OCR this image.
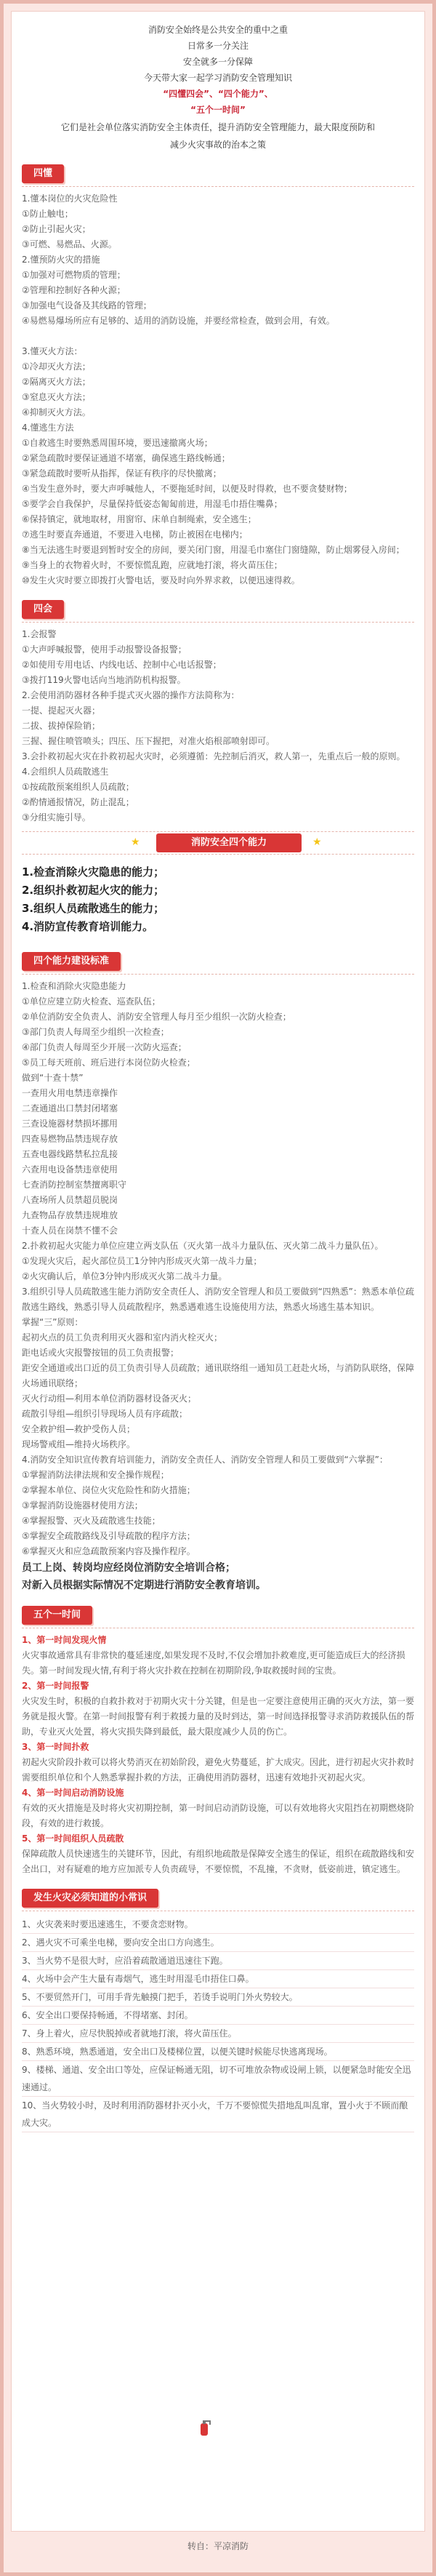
消防安全始终是公共安全的重中之重

日常多一分关注

安全就多一分保障

今天带大家一起学习消防安全管理知识

“四懂四会”、“四个能力”、

“五个一时间”

它们是社会单位落实消防安全主体责任，提升消防安全管理能力，最大限度预防和

减少火灾事故的治本之策

四懂
1.懂本岗位的火灾危险性
①防止触电；
②防止引起火灾；
③可燃、易燃品、火源。
2.懂预防火灾的措施
①加强对可燃物质的管理；
②管理和控制好各种火源；
③加强电气设备及其线路的管理；
④易燃易爆场所应有足够的、适用的消防设施，并要经常检查，做到会用，有效。
3.懂灭火方法：
①冷却灭火方法；
②隔离灭火方法；
③窒息灭火方法；
④抑制灭火方法。
4.懂逃生方法
①自救逃生时要熟悉周围环境，要迅速撤离火场；
②紧急疏散时要保证通道不堵塞，确保逃生路线畅通；
③紧急疏散时要听从指挥，保证有秩序的尽快撤离；
④当发生意外时，要大声呼喊他人，不要拖延时间，以便及时得救，也不要贪婪财物；
⑤要学会自我保护，尽量保持低姿态匍匐前进，用湿毛巾捂住嘴鼻；
⑥保持镇定，就地取材，用窗帘、床单自制绳索，安全逃生；
⑦逃生时要直奔通道，不要进入电梯，防止被困在电梯内；
⑧当无法逃生时要退到暂时安全的房间，要关闭门窗，用湿毛巾塞住门窗缝隙，防止烟雾侵入房间；
⑨当身上的衣物着火时，不要惊慌乱跑，应就地打滚，将火苗压住；
⑩发生火灾时要立即拨打火警电话，要及时向外界求救，以便迅速得救。
四会
1.会报警
①大声呼喊报警，使用手动报警设备报警；
②如使用专用电话、内线电话、控制中心电话报警；
③拨打119火警电话向当地消防机构报警。
2.会使用消防器材各种手提式灭火器的操作方法简称为：
一提、提起灭火器；
二拔、拔掉保险销；
三握、握住喷管喷头；四压、压下握把，对准火焰根部喷射即可。
3.会扑救初起火灾在扑救初起火灾时，必须遵循：先控制后消灭，救人第一，先重点后一般的原则。
4.会组织人员疏散逃生
①按疏散预案组织人员疏散；
②酌情通报情况，防止混乱；
③分组实施引导。
★	消防安全四个能力	★
1.检查消除火灾隐患的能力；
2.组织扑救初起火灾的能力；
3.组织人员疏散逃生的能力；
4.消防宣传教育培训能力。
四个能力建设标准
1.检查和消除火灾隐患能力
①单位应建立防火检查、巡查队伍；
②单位消防安全负责人、消防安全管理人每月至少组织一次防火检查；
③部门负责人每周至少组织一次检查；
④部门负责人每周至少开展一次防火巡查；
⑤员工每天班前、班后进行本岗位防火检查；
做到“十查十禁”
一查用火用电禁违章操作
二查通道出口禁封闭堵塞
三查设施器材禁损坏挪用
四查易燃物品禁违规存放
五查电器线路禁私拉乱接
六查用电设备禁违章使用
七查消防控制室禁擅离职守
八查场所人员禁超员脱岗
九查物品存放禁违规堆放
十查人员在岗禁不懂不会
2.扑救初起火灾能力单位应建立两支队伍（灭火第一战斗力量队伍、灭火第二战斗力量队伍）。
①发现火灾后，起火部位员工1分钟内形成灭火第一战斗力量；
②火灾确认后，单位3分钟内形成灭火第二战斗力量。
3.组织引导人员疏散逃生能力消防安全责任人、消防安全管理人和员工要做到“四熟悉”：熟悉本单位疏散逃生路线，熟悉引导人员疏散程序，熟悉遇难逃生设施使用方法，熟悉火场逃生基本知识。
掌握“三”原则：
起初火点的员工负责利用灭火器和室内消火栓灭火；
距电话或火灾报警按钮的员工负责报警；
距安全通道或出口近的员工负责引导人员疏散；通讯联络组一通知员工赶赴火场，与消防队联络，保障火场通讯联络；
灭火行动组—利用本单位消防器材设备灭火；
疏散引导组—组织引导现场人员有序疏散；
安全救护组—救护受伤人员；
现场警戒组—维持火场秩序。
4.消防安全知识宣传教育培训能力，消防安全责任人、消防安全管理人和员工要做到“六掌握”：
①掌握消防法律法规和安全操作规程；
②掌握本单位、岗位火灾危险性和防火措施；
③掌握消防设施器材使用方法；
④掌握报警、灭火及疏散逃生技能；
⑤掌握安全疏散路线及引导疏散的程序方法；
⑥掌握灭火和应急疏散预案内容及操作程序。
员工上岗、转岗均应经岗位消防安全培训合格；
对新入员根据实际情况不定期进行消防安全教育培训。
五个一时间
1、第一时间发现火情
火灾事故通常具有非常快的蔓延速度,如果发现不及时,不仅会增加扑救难度,更可能造成巨大的经济损失。第一时间发现火情,有利于将火灾扑救在控制在初期阶段,争取救援时间的宝贵。
2、第一时间报警
火灾发生时，积极的自救扑救对于初期火灾十分关键，但是也一定要注意使用正确的灭火方法，第一要务就是报火警。在第一时间报警有利于救援力量的及时到达，第一时间选择报警寻求消防救援队伍的帮助，专业灭火处置，将火灾损失降到最低，最大限度减少人员的伤亡。
3、第一时间扑救
初起火灾阶段扑救可以将火势消灭在初始阶段，避免火势蔓延，扩大成灾。因此，进行初起火灾扑救时需要组织单位和个人熟悉掌握扑救的方法，正确使用消防器材，迅速有效地扑灭初起火灾。
4、第一时间启动消防设施
有效的灭火措施是及时将火灾初期控制，第一时间启动消防设施，可以有效地将火灾阻挡在初期燃烧阶段，有效的进行救援。
5、第一时间组织人员疏散
保障疏散人员快速逃生的关键环节，因此，有组织地疏散是保障安全逃生的保证，组织在疏散路线和安全出口，对有疑难的地方应加派专人负责疏导，不要惊慌，不乱撞，不贪财，低姿前进，镇定逃生。
发生火灾必须知道的小常识
1、火灾袭来时要迅速逃生，不要贪恋财物。
2、遇火灾不可乘坐电梯，要向安全出口方向逃生。
3、当火势不是很大时，应沿着疏散通道迅速往下跑。
4、火场中会产生大量有毒烟气，逃生时用湿毛巾捂住口鼻。
5、不要贸然开门，可用手背先触摸门把手，若烫手说明门外火势较大。
6、安全出口要保持畅通，不得堵塞、封闭。
7、身上着火，应尽快脱掉或者就地打滚，将火苗压住。
8、熟悉环境，熟悉通道，安全出口及楼梯位置，以便关键时候能尽快逃离现场。
9、楼梯、通道、安全出口等处，应保证畅通无阻，切不可堆放杂物或设闸上锁，以便紧急时能安全迅速通过。
10、当火势较小时，及时利用消防器材扑灭小火，千万不要惊慌失措地乱叫乱窜，置小火于不顾而酿成大灾。
转自：平凉消防
